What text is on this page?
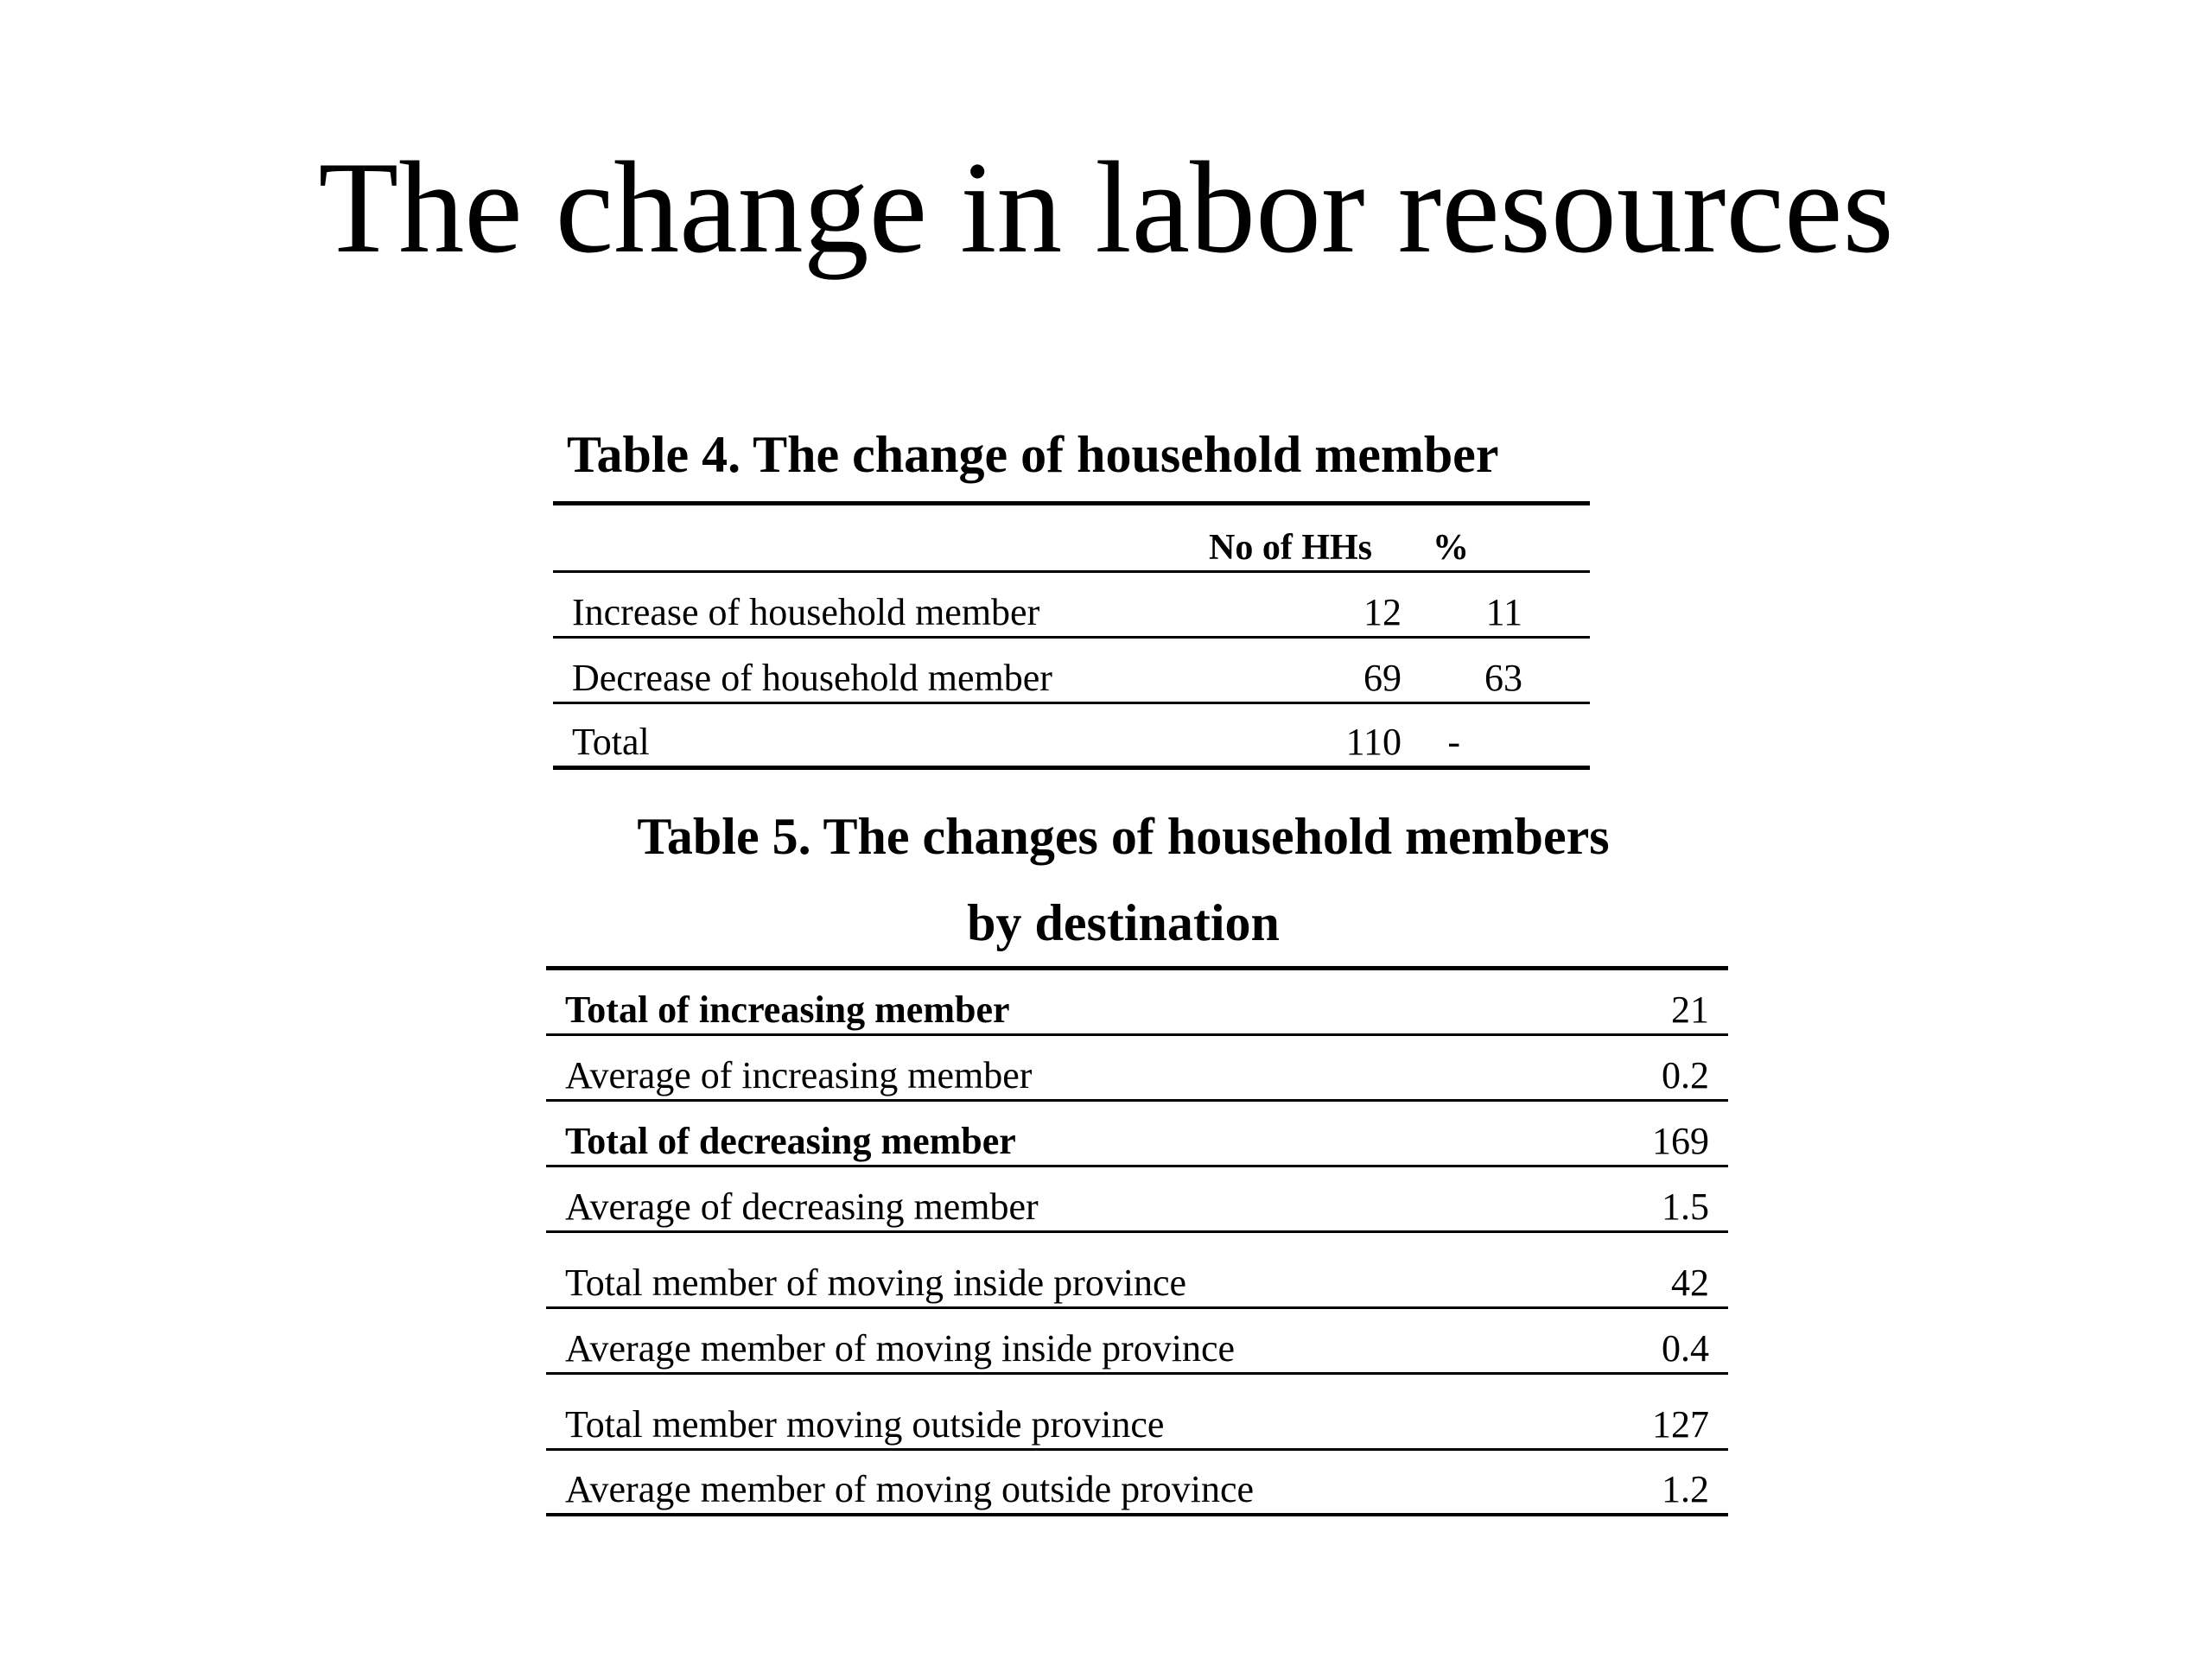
The change in labor resources
Table 4. The change of household member
No of HHs %
Increase of household member	12 11
Decrease of household member	69 63
Total	110 -
Table 5. The changes of household members
by destination
Total of increasing member	21
Average of increasing member	0.2
Total of decreasing member	169
Average of decreasing member	1.5
Total member of moving inside province	42
Average member of moving inside province	0.4
Total member moving outside province	127
Average member of moving outside province	1.2
